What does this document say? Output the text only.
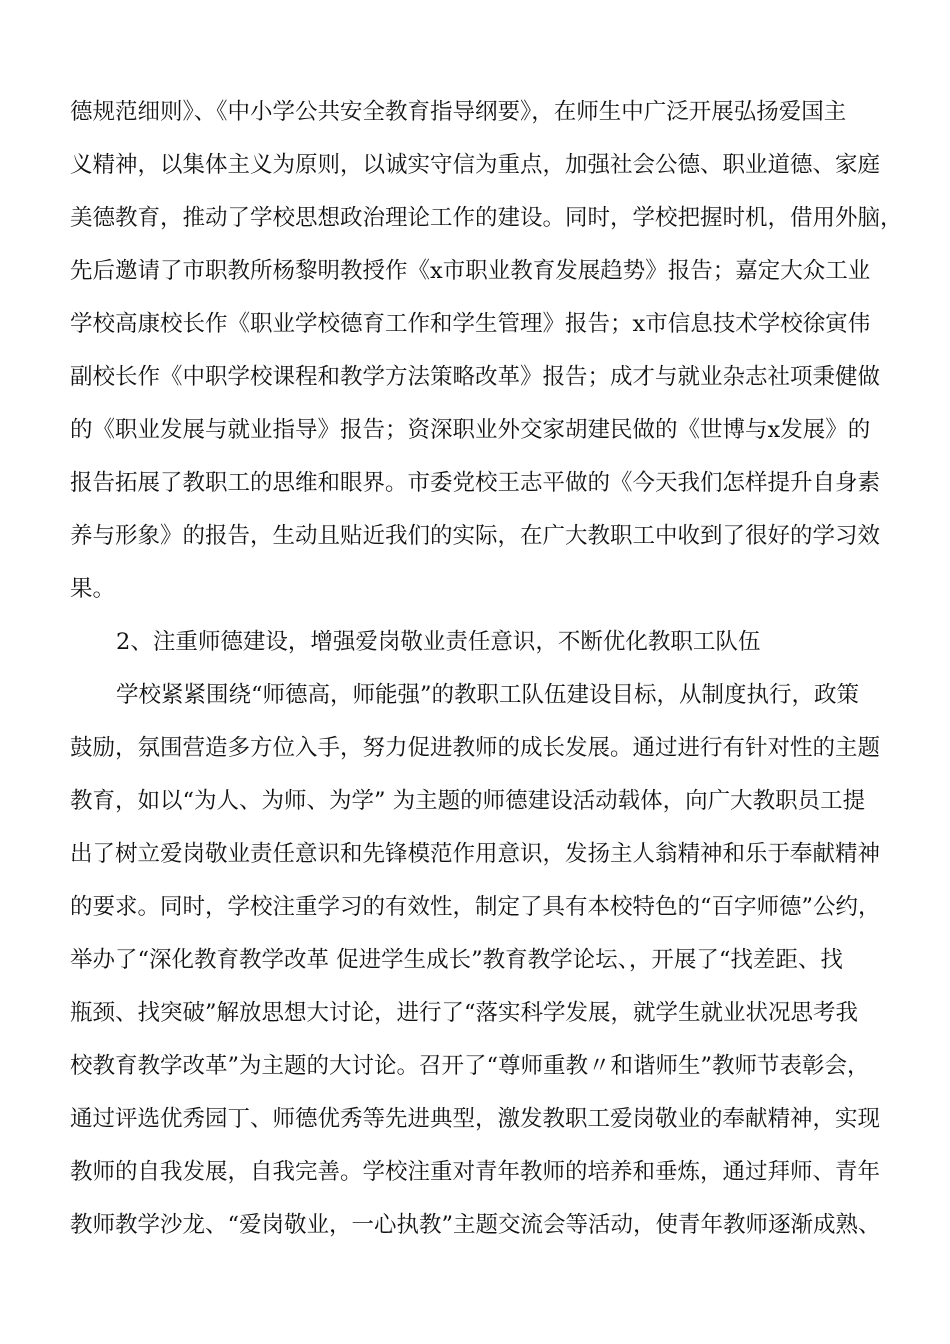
德规范细则》、《中小学公共安全教育指导纲要》，在师生中广泛开展弘扬爱国主
义精神，以集体主义为原则，以诚实守信为重点，加强社会公德、职业道德、家庭
美德教育，推动了学校思想政治理论工作的建设。同时，学校把握时机，借用外脑，
先后邀请了市职教所杨黎明教授作《x市职业教育发展趋势》报告；嘉定大众工业
学校高康校长作《职业学校德育工作和学生管理》报告；x市信息技术学校徐寅伟
副校长作《中职学校课程和教学方法策略改革》报告；成才与就业杂志社项秉健做
的《职业发展与就业指导》报告；资深职业外交家胡建民做的《世博与x发展》的
报告拓展了教职工的思维和眼界。市委党校王志平做的《今天我们怎样提升自身素
养与形象》的报告，生动且贴近我们的实际，在广大教职工中收到了很好的学习效
果。
2、注重师德建设，增强爱岗敬业责任意识，不断优化教职工队伍
学校紧紧围绕“师德高，师能强”的教职工队伍建设目标，从制度执行，政策
鼓励，氛围营造多方位入手，努力促进教师的成长发展。通过进行有针对性的主题
教育，如以“为人、为师、为学” 为主题的师德建设活动载体，向广大教职员工提
出了树立爱岗敬业责任意识和先锋模范作用意识，发扬主人翁精神和乐于奉献精神
的要求。同时，学校注重学习的有效性，制定了具有本校特色的“百字师德”公约，
举办了“深化教育教学改革 促进学生成长”教育教学论坛、，开展了“找差距、找
瓶颈、找突破”解放思想大讨论，进行了“落实科学发展，就学生就业状况思考我
校教育教学改革”为主题的大讨论。召开了“尊师重教〃和谐师生”教师节表彰会，
通过评选优秀园丁、师德优秀等先进典型，激发教职工爱岗敬业的奉献精神，实现
教师的自我发展，自我完善。学校注重对青年教师的培养和垂炼，通过拜师、青年
教师教学沙龙、“爱岗敬业，一心执教”主题交流会等活动，使青年教师逐渐成熟、
